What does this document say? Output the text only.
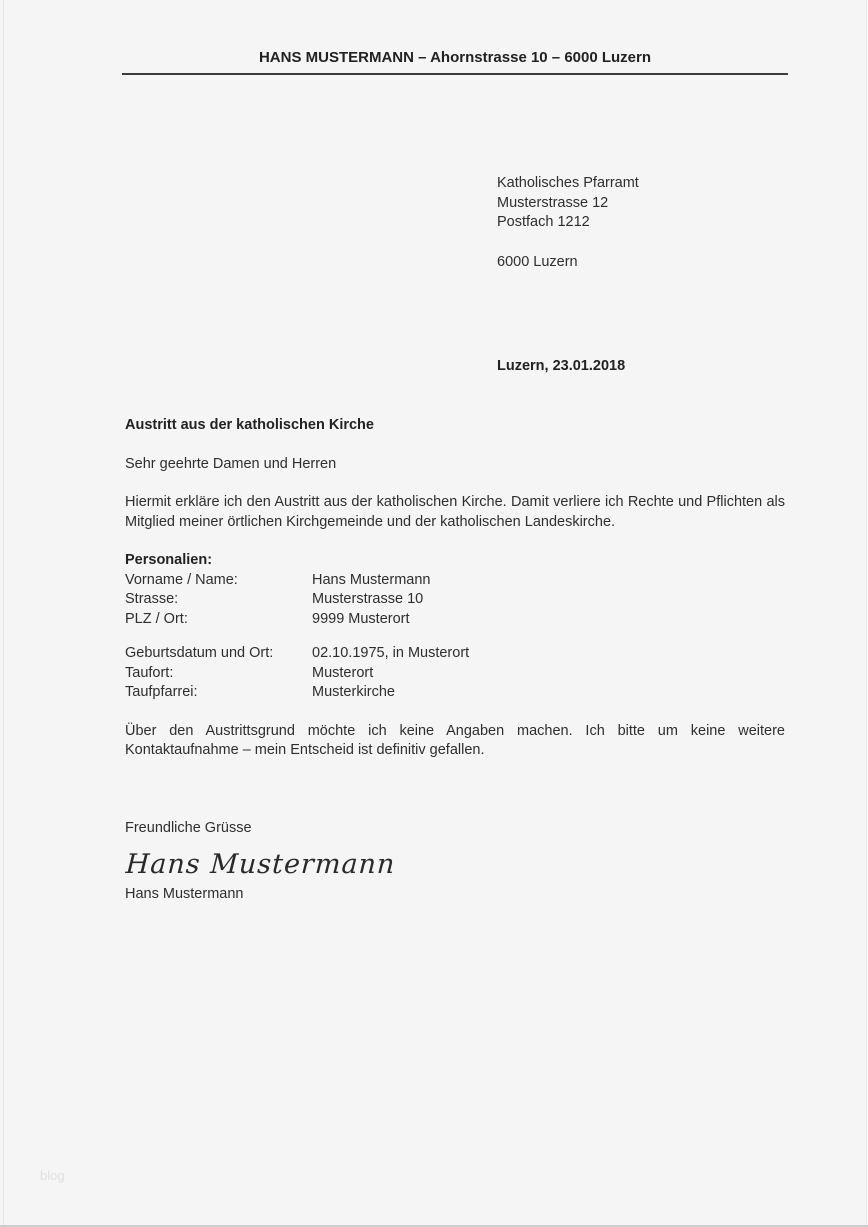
HANS MUSTERMANN – Ahornstrasse 10 – 6000 Luzern
Katholisches Pfarramt
Musterstrasse 12
Postfach 1212
6000 Luzern
Luzern, 23.01.2018
Austritt aus der katholischen Kirche
Sehr geehrte Damen und Herren
Hiermit erkläre ich den Austritt aus der katholischen Kirche. Damit verliere ich Rechte und Pflichten als Mitglied meiner örtlichen Kirchgemeinde und der katholischen Landeskirche.
Personalien:
Vorname / Name:	Hans Mustermann
Strasse:	Musterstrasse 10
PLZ / Ort:	9999 Musterort
Geburtsdatum und Ort:	02.10.1975, in Musterort
Taufort:	Musterort
Taufpfarrei:	Musterkirche
Über den Austrittsgrund möchte ich keine Angaben machen. Ich bitte um keine weitere Kontaktaufnahme – mein Entscheid ist definitiv gefallen.
Freundliche Grüsse
Hans Mustermann
Hans Mustermann
blog
